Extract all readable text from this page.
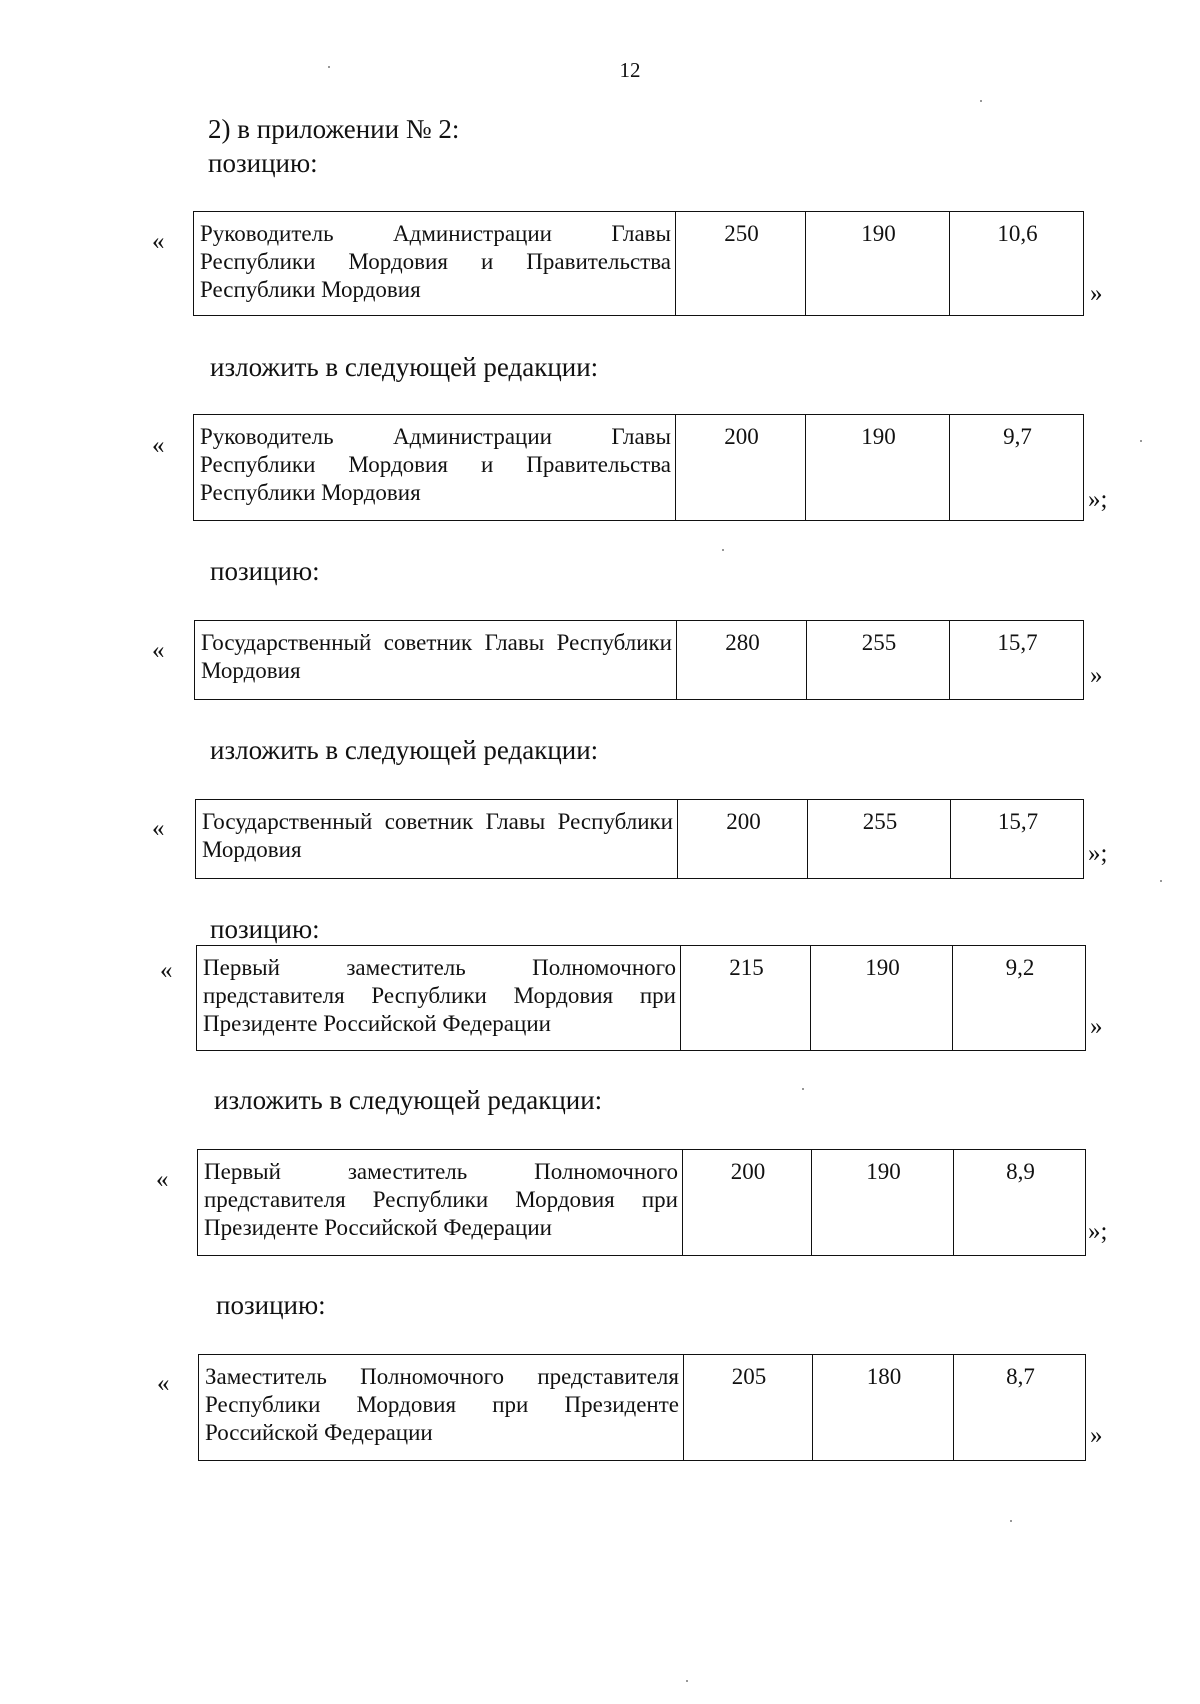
12
2) в приложении № 2:
позицию:
« Руководитель Администрации Главы Республики Мордовия и Правительства Республики Мордовия	250	190	10,6
»
изложить в следующей редакции:
« Руководитель Администрации Главы Республики Мордовия и Правительства Республики Мордовия	200	190	9,7
»;
позицию:
« Государственный советник Главы Республики Мордовия	280	255	15,7
»
изложить в следующей редакции:
« Государственный советник Главы Республики Мордовия	200	255	15,7
»;
позицию:
« Первый заместитель Полномочного представителя Республики Мордовия при Президенте Российской Федерации	215	190	9,2
»
изложить в следующей редакции:
« Первый заместитель Полномочного представителя Республики Мордовия при Президенте Российской Федерации	200	190	8,9
»;
позицию:
« Заместитель Полномочного представителя Республики Мордовия при Президенте Российской Федерации	205	180	8,7
»
